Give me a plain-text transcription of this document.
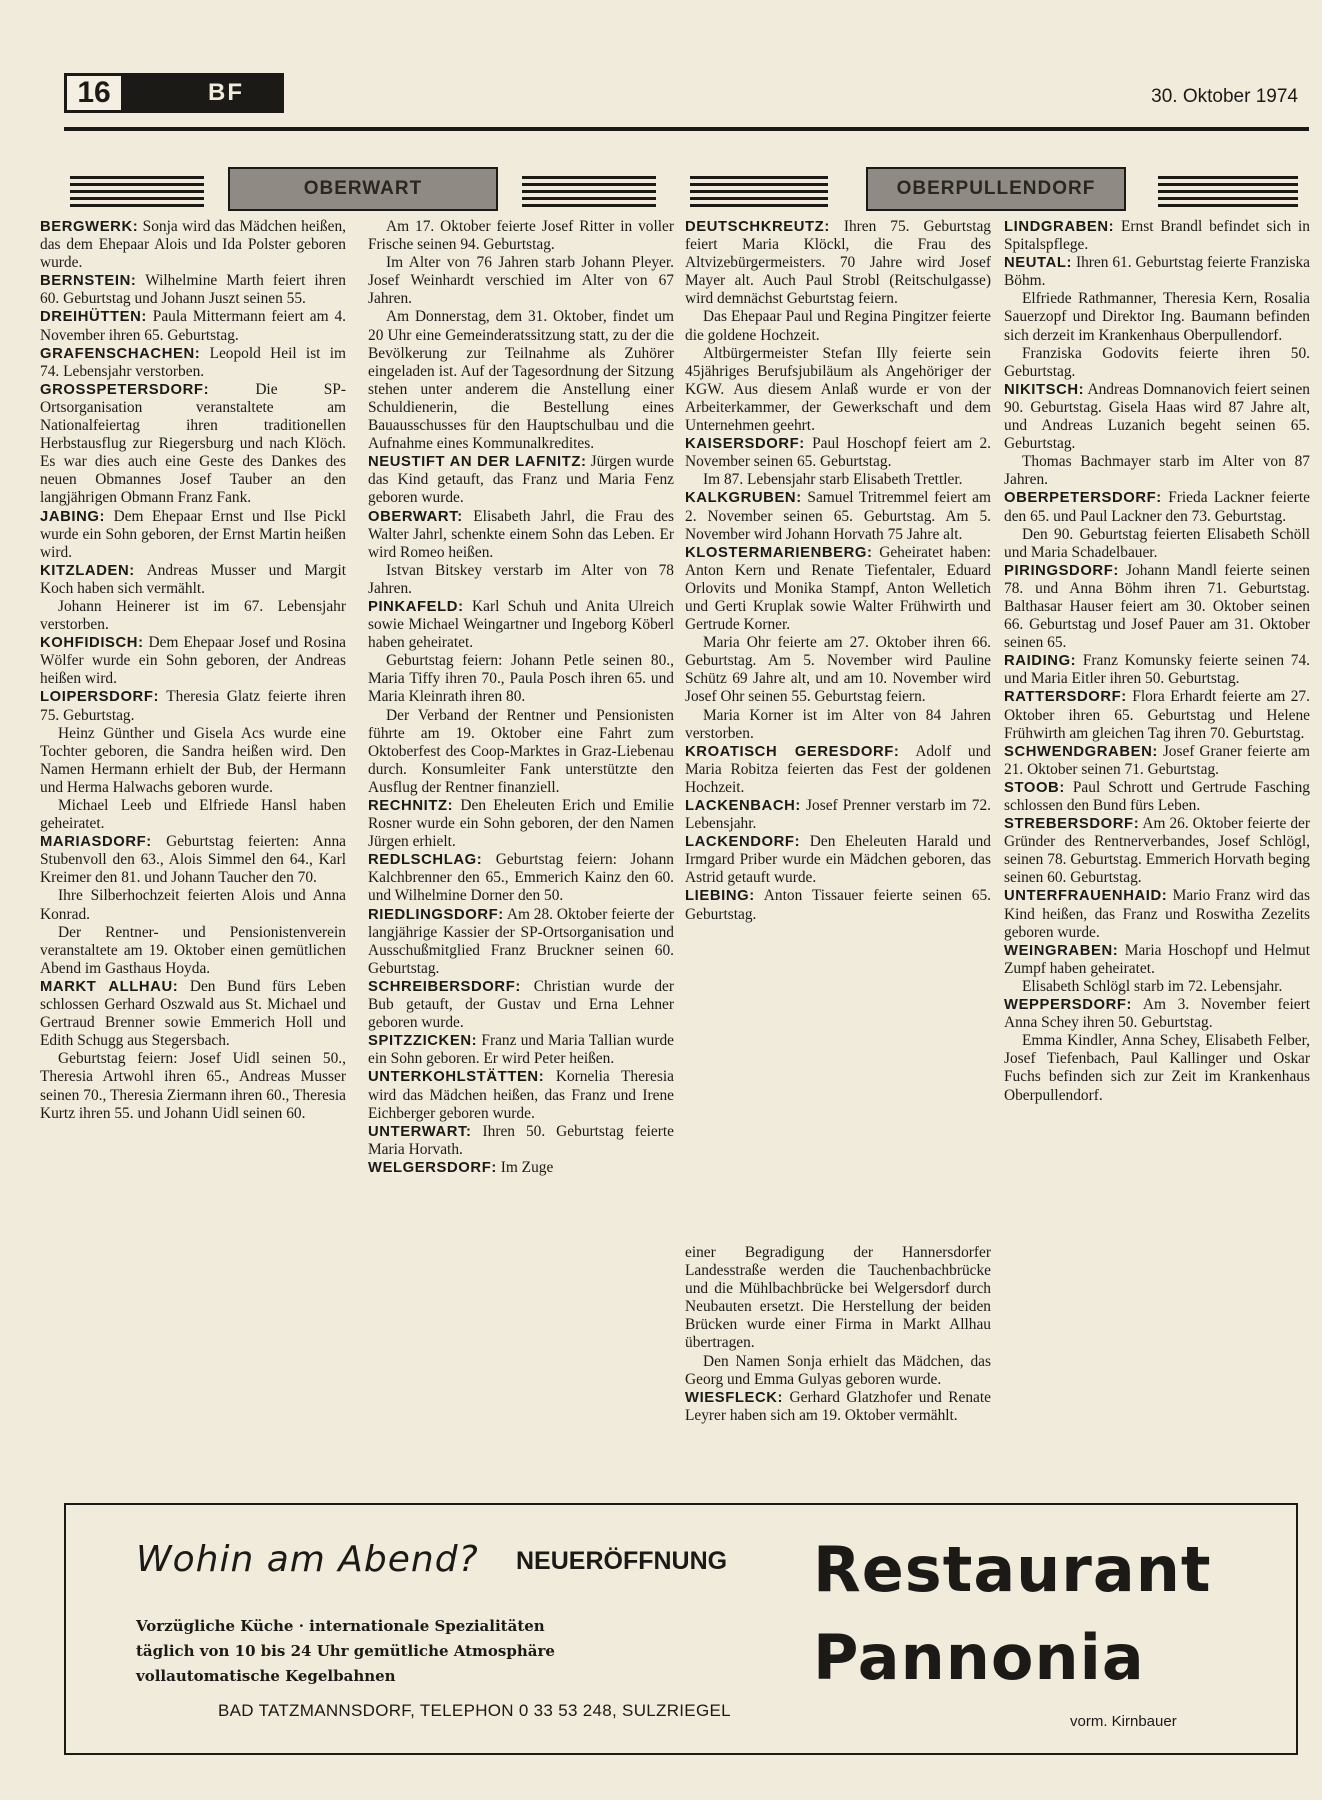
16	BF	30. Oktober 1974
OBERWART	OBERPULLENDORF

BERGWERK: Sonja wird das Mädchen heißen, das dem Ehepaar Alois und Ida Polster geboren wurde.

BERNSTEIN: Wilhelmine Marth feiert ihren 60. Geburtstag und Johann Juszt seinen 55.

DREIHÜTTEN: Paula Mittermann feiert am 4. November ihren 65. Geburtstag.

GRAFENSCHACHEN: Leopold Heil ist im 74. Lebensjahr verstorben.

GROSSPETERSDORF:	Die SP-Ortsorganisation veranstaltete am Nationalfeiertag ihren traditionellen Herbstausflug zur Riegersburg und nach Klöch. Es war dies auch eine Geste des Dankes des neuen Obmannes Josef Tauber an den langjährigen Obmann Franz Fank.

JABING: Dem Ehepaar Ernst und Ilse Pickl wurde ein Sohn geboren, der Ernst Martin heißen wird.

KITZLADEN: Andreas Musser und Margit Koch haben sich vermählt.

Johann Heinerer ist im 67. Lebensjahr verstorben.

KOHFIDISCH: Dem Ehepaar Josef und Rosina Wölfer wurde ein Sohn geboren, der Andreas heißen wird.

LOIPERSDORF: Theresia Glatz feierte ihren 75. Geburtstag.

Heinz Günther und Gisela Acs wurde eine Tochter geboren, die Sandra heißen wird. Den Namen Hermann erhielt der Bub, der Hermann und Herma Halwachs geboren wurde.

Michael Leeb und Elfriede Hansl haben geheiratet.

MARIASDORF: Geburtstag feierten: Anna Stubenvoll den 63., Alois Simmel den 64., Karl Kreimer den 81. und Johann Taucher den 70.

Ihre Silberhochzeit feierten Alois und Anna Konrad.

Der Rentner- und Pensionistenverein veranstaltete am 19. Oktober einen gemütlichen Abend im Gasthaus Hoyda.

MARKT ALLHAU: Den Bund fürs Leben schlossen Gerhard Oszwald aus St. Michael und Gertraud Brenner sowie Emmerich Holl und Edith Schugg aus Stegersbach.

Geburtstag feiern: Josef Uidl seinen 50., Theresia Artwohl ihren 65., Andreas Musser seinen 70., Theresia Ziermann ihren 60., Theresia Kurtz ihren 55. und Johann Uidl seinen 60.

Am 17. Oktober feierte Josef Ritter in voller Frische seinen 94. Geburtstag.

Im Alter von 76 Jahren starb Johann Pleyer. Josef Weinhardt verschied im Alter von 67 Jahren.

Am Donnerstag, dem 31. Oktober, findet um 20 Uhr eine Gemeinderatssitzung statt, zu der die Bevölkerung zur Teilnahme als Zuhörer eingeladen ist. Auf der Tagesordnung der Sitzung stehen unter anderem die Anstellung einer Schuldienerin, die Bestellung eines Bauausschusses für den Hauptschulbau und die Aufnahme eines Kommunalkredites.

NEUSTIFT AN DER LAFNITZ: Jürgen wurde das Kind getauft, das Franz und Maria Fenz geboren wurde.

OBERWART: Elisabeth Jahrl, die Frau des Walter Jahrl, schenkte einem Sohn das Leben. Er wird Romeo heißen.

Istvan Bitskey verstarb im Alter von 78 Jahren.

PINKAFELD: Karl Schuh und Anita Ulreich sowie Michael Weingartner und Ingeborg Köberl haben geheiratet.

Geburtstag feiern: Johann Petle seinen 80., Maria Tiffy ihren 70., Paula Posch ihren 65. und Maria Kleinrath ihren 80.

Der Verband der Rentner und Pensionisten führte am 19. Oktober eine Fahrt zum Oktoberfest des Coop-Marktes in Graz-Liebenau durch. Konsumleiter Fank unterstützte den Ausflug der Rentner finanziell.

RECHNITZ: Den Eheleuten Erich und Emilie Rosner wurde ein Sohn geboren, der den Namen Jürgen erhielt.

REDLSCHLAG: Geburtstag feiern: Johann Kalchbrenner den 65., Emmerich Kainz den 60. und Wilhelmine Dorner den 50.

RIEDLINGSDORF: Am 28. Oktober feierte der langjährige Kassier der SP-Ortsorganisation und Ausschußmitglied Franz Bruckner seinen 60. Geburtstag.

SCHREIBERSDORF: Christian wurde der Bub getauft, der Gustav und Erna Lehner geboren wurde.

SPITZZICKEN: Franz und Maria Tallian wurde ein Sohn geboren. Er wird Peter heißen.

UNTERKOHLSTÄTTEN: Kornelia Theresia wird das Mädchen heißen, das Franz und Irene Eichberger geboren wurde.

UNTERWART: Ihren 50. Geburtstag feierte Maria Horvath.

WELGERSDORF: Im Zuge

DEUTSCHKREUTZ: Ihren 75. Geburtstag feiert Maria Klöckl, die Frau des Altvizebürgermeisters. 70 Jahre wird Josef Mayer alt. Auch Paul Strobl (Reitschulgasse) wird demnächst Geburtstag feiern.

Das Ehepaar Paul und Regina Pingitzer feierte die goldene Hochzeit.

Altbürgermeister Stefan Illy feierte sein 45jähriges Berufsjubiläum als Angehöriger der KGW. Aus diesem Anlaß wurde er von der Arbeiterkammer, der Gewerkschaft und dem Unternehmen geehrt.

KAISERSDORF: Paul Hoschopf feiert am 2. November seinen 65. Geburtstag.

Im 87. Lebensjahr starb Elisabeth Trettler.

KALKGRUBEN: Samuel Tritremmel feiert am 2. November seinen 65. Geburtstag. Am 5. November wird Johann Horvath 75 Jahre alt.

KLOSTERMARIENBERG: Geheiratet haben: Anton Kern und Renate Tiefentaler, Eduard Orlovits und Monika Stampf, Anton Welletich und Gerti Kruplak sowie Walter Frühwirth und Gertrude Korner.

Maria Ohr feierte am 27. Oktober ihren 66. Geburtstag. Am 5. November wird Pauline Schütz 69 Jahre alt, und am 10. November wird Josef Ohr seinen 55. Geburtstag feiern.

Maria Korner ist im Alter von 84 Jahren verstorben.

KROATISCH GERESDORF: Adolf und Maria Robitza feierten das Fest der goldenen Hochzeit.

LACKENBACH: Josef Prenner verstarb im 72. Lebensjahr.

LACKENDORF: Den Eheleuten Harald und Irmgard Priber wurde ein Mädchen geboren, das Astrid getauft wurde.

LIEBING: Anton Tissauer feierte seinen 65. Geburtstag.

LINDGRABEN: Ernst Brandl befindet sich in Spitalspflege.

NEUTAL: Ihren 61. Geburtstag feierte Franziska Böhm.

Elfriede Rathmanner, Theresia Kern, Rosalia Sauerzopf und Direktor Ing. Baumann befinden sich derzeit im Krankenhaus Oberpullendorf.

Franziska Godovits feierte ihren 50. Geburtstag.

NIKITSCH: Andreas Domnanovich feiert seinen 90. Geburtstag. Gisela Haas wird 87 Jahre alt, und Andreas Luzanich begeht seinen 65. Geburtstag.

Thomas Bachmayer starb im Alter von 87 Jahren.

OBERPETERSDORF: Frieda Lackner feierte den 65. und Paul Lackner den 73. Geburtstag.

Den 90. Geburtstag feierten Elisabeth Schöll und Maria Schadelbauer.

PIRINGSDORF: Johann Mandl feierte seinen 78. und Anna Böhm ihren 71. Geburtstag. Balthasar Hauser feiert am 30. Oktober seinen 66. Geburtstag und Josef Pauer am 31. Oktober seinen 65.

RAIDING: Franz Komunsky feierte seinen 74. und Maria Eitler ihren 50. Geburtstag.

RATTERSDORF: Flora Erhardt feierte am 27. Oktober ihren 65. Geburtstag und Helene Frühwirth am gleichen Tag ihren 70. Geburtstag.

SCHWENDGRABEN: Josef Graner feierte am 21. Oktober seinen 71. Geburtstag.

STOOB: Paul Schrott und Gertrude Fasching schlossen den Bund fürs Leben.

STREBERSDORF: Am 26. Oktober feierte der Gründer des Rentnerverbandes, Josef Schlögl, seinen 78. Geburtstag. Emmerich Horvath beging seinen 60. Geburtstag.

UNTERFRAUENHAID: Mario Franz wird das Kind heißen, das Franz und Roswitha Zezelits geboren wurde.

WEINGRABEN: Maria Hoschopf und Helmut Zumpf haben geheiratet.

Elisabeth Schlögl starb im 72. Lebensjahr.

WEPPERSDORF: Am 3. November feiert Anna Schey ihren 50. Geburtstag.

Emma Kindler, Anna Schey, Elisabeth Felber, Josef Tiefenbach, Paul Kallinger und Oskar Fuchs befinden sich zur Zeit im Krankenhaus Oberpullendorf.

einer Begradigung der Hannersdorfer Landesstraße werden die Tauchenbachbrücke und die Mühlbachbrücke bei Welgersdorf durch Neubauten ersetzt. Die Herstellung der beiden Brücken wurde einer Firma in Markt Allhau übertragen.

Den Namen Sonja erhielt das Mädchen, das Georg und Emma Gulyas geboren wurde.

WIESFLECK: Gerhard Glatzhofer und Renate Leyrer haben sich am 19. Oktober vermählt.

Wohin am Abend? NEUERÖFFNUNG Restaurant
Pannonia
Vorzügliche Küche · internationale Spezialitäten
täglich von 10 bis 24 Uhr gemütliche Atmosphäre
vollautomatische Kegelbahnen
BAD TATZMANNSDORF, TELEPHON 0 33 53 248, SULZRIEGEL
vorm. Kirnbauer
